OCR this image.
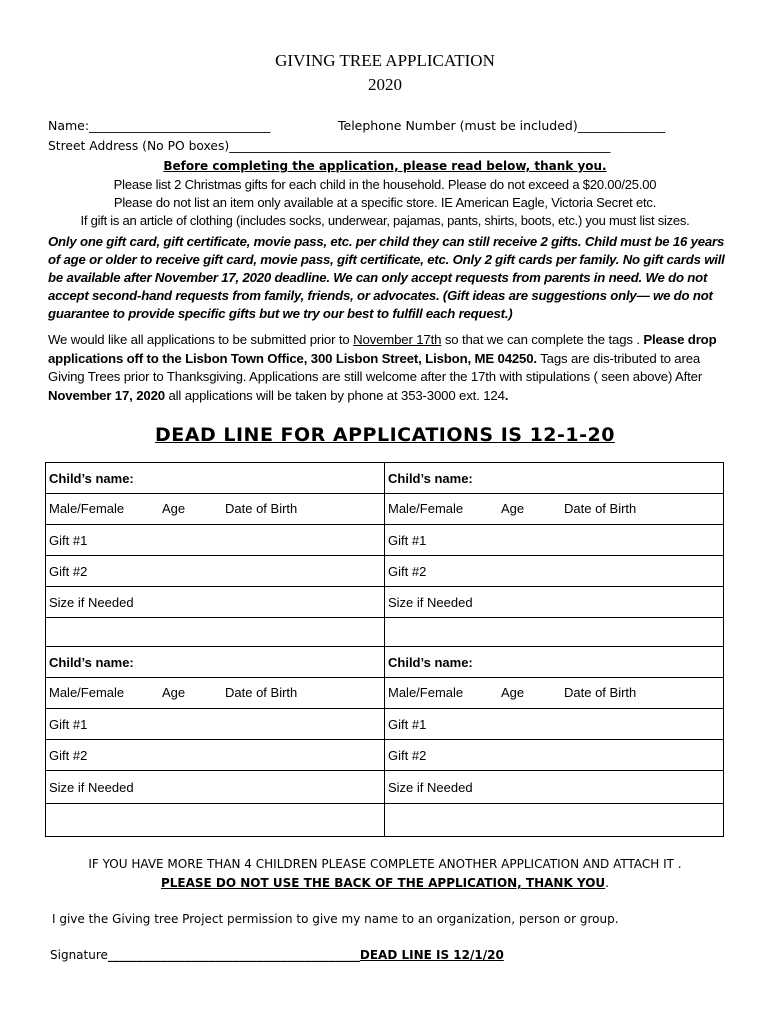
GIVING TREE APPLICATION
2020
Name:_____________________________	Telephone Number (must be included)______________
Street Address (No PO boxes)______________________________________________________________
Before completing the application, please read below, thank you.
Please list 2 Christmas gifts for each child in the household. Please do not exceed a $20.00/25.00
Please do not list an item only available at a specific store. IE American Eagle, Victoria Secret etc.
If gift is an article of clothing (includes socks, underwear, pajamas, pants, shirts, boots, etc.) you must list sizes.
Only one gift card, gift certificate, movie pass, etc. per child they can still receive 2 gifts. Child must be 16 years of age or older to receive gift card, movie pass, gift certificate, etc. Only 2 gift cards per family. No gift cards will be available after November 17, 2020 deadline. We can only accept requests from parents in need. We do not accept second-hand requests from family, friends, or advocates. (Gift ideas are suggestions only— we do not guarantee to provide specific gifts but we try our best to fulfill each request.)
We would like all applications to be submitted prior to November 17th so that we can complete the tags . Please drop applications off to the Lisbon Town Office, 300 Lisbon Street, Lisbon, ME 04250. Tags are dis-tributed to area Giving Trees prior to Thanksgiving. Applications are still welcome after the 17th with stipulations ( seen above) After November 17, 2020 all applications will be taken by phone at 353-3000 ext. 124.
DEAD LINE FOR APPLICATIONS IS 12-1-20
Child’s name:	Child’s name:

Male/Female Age Date of Birth	Male/Female Age Date of Birth

Gift #1	Gift #1
Gift #2	Gift #2
Size if Needed	Size if Needed

Child’s name:	Child’s name:

Male/Female Age Date of Birth	Male/Female Age Date of Birth

Gift #1	Gift #1
Gift #2	Gift #2
Size if Needed	Size if Needed

IF YOU HAVE MORE THAN 4 CHILDREN PLEASE COMPLETE ANOTHER APPLICATION AND ATTACH IT .
PLEASE DO NOT USE THE BACK OF THE APPLICATION, THANK YOU.
I give the Giving tree Project permission to give my name to an organization, person or group.
Signature__________________________________________DEAD LINE IS 12/1/20
